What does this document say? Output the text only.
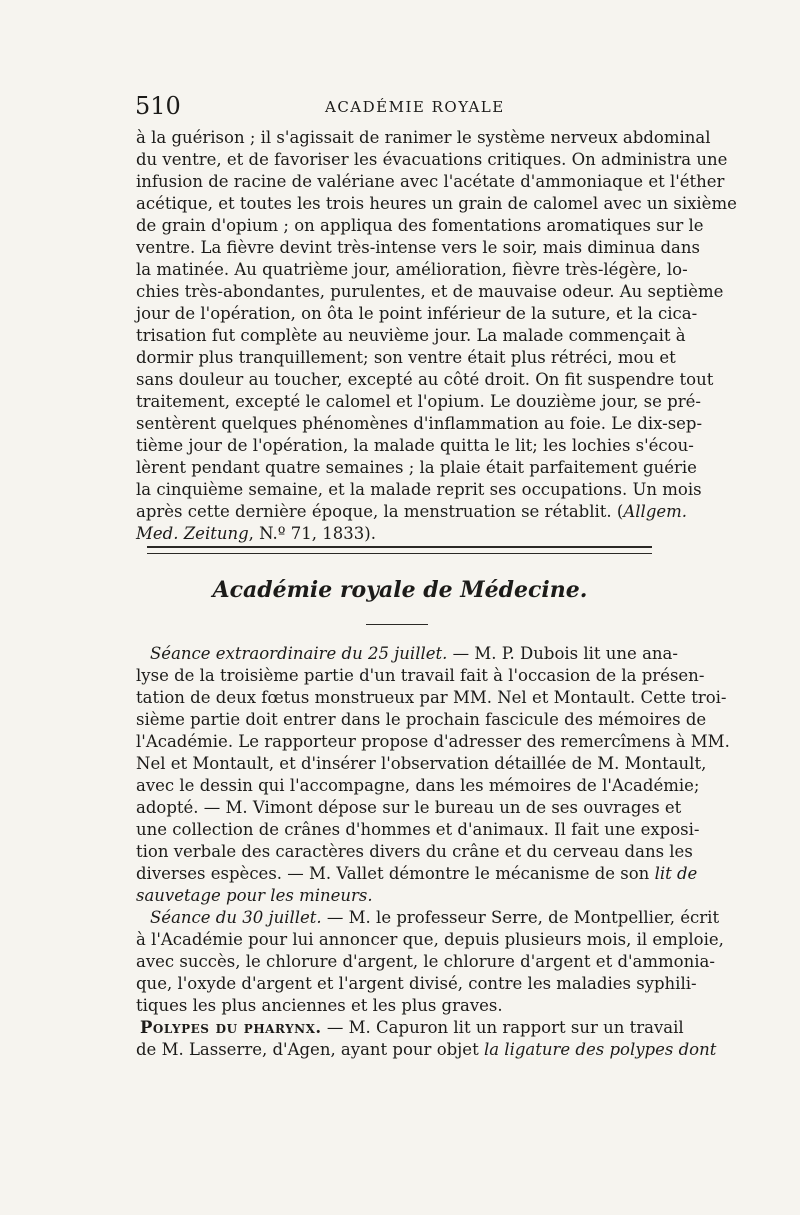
510	ACADÉMIE ROYALE
à la guérison ; il s'agissait de ranimer le système nerveux abdominal
du ventre, et de favoriser les évacuations critiques. On administra une
infusion de racine de valériane avec l'acétate d'ammoniaque et l'éther
acétique, et toutes les trois heures un grain de calomel avec un sixième
de grain d'opium ; on appliqua des fomentations aromatiques sur le
ventre. La fièvre devint très-intense vers le soir, mais diminua dans
la matinée. Au quatrième jour, amélioration, fièvre très-légère, lo-
chies très-abondantes, purulentes, et de mauvaise odeur. Au septième
jour de l'opération, on ôta le point inférieur de la suture, et la cica-
trisation fut complète au neuvième jour. La malade commençait à
dormir plus tranquillement; son ventre était plus rétréci, mou et
sans douleur au toucher, excepté au côté droit. On fit suspendre tout
traitement, excepté le calomel et l'opium. Le douzième jour, se pré-
sentèrent quelques phénomènes d'inflammation au foie. Le dix-sep-
tième jour de l'opération, la malade quitta le lit; les lochies s'écou-
lèrent pendant quatre semaines ; la plaie était parfaitement guérie
la cinquième semaine, et la malade reprit ses occupations. Un mois
après cette dernière époque, la menstruation se rétablit. (Allgem.
Med. Zeitung, N.º 71, 1833).
Académie royale de Médecine.
Séance extraordinaire du 25 juillet. — M. P. Dubois lit une ana-
lyse de la troisième partie d'un travail fait à l'occasion de la présen-
tation de deux fœtus monstrueux par MM. Nel et Montault. Cette troi-
sième partie doit entrer dans le prochain fascicule des mémoires de
l'Académie. Le rapporteur propose d'adresser des remercîmens à MM.
Nel et Montault, et d'insérer l'observation détaillée de M. Montault,
avec le dessin qui l'accompagne, dans les mémoires de l'Académie;
adopté. — M. Vimont dépose sur le bureau un de ses ouvrages et
une collection de crânes d'hommes et d'animaux. Il fait une exposi-
tion verbale des caractères divers du crâne et du cerveau dans les
diverses espèces. — M. Vallet démontre le mécanisme de son lit de
sauvetage pour les mineurs.
Séance du 30 juillet. — M. le professeur Serre, de Montpellier, écrit
à l'Académie pour lui annoncer que, depuis plusieurs mois, il emploie,
avec succès, le chlorure d'argent, le chlorure d'argent et d'ammonia-
que, l'oxyde d'argent et l'argent divisé, contre les maladies syphili-
tiques les plus anciennes et les plus graves.
Polypes du pharynx. — M. Capuron lit un rapport sur un travail
de M. Lasserre, d'Agen, ayant pour objet la ligature des polypes dont
